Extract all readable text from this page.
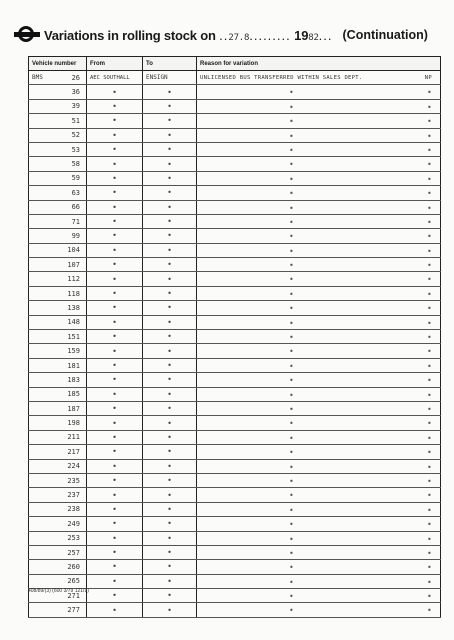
Variations in rolling stock on ..27.8......... 1982... (Continuation)
Vehicle number	From	To	Reason for variation

BMS 26	AEC SOUTHALL	ENSIGN	UNLICENSED BUS TRANSFERRED WITHIN SALES DEPT. NP

36	•	•	• •

39	•	•	• •

51	•	•	• •

52	•	•	• •

53	•	•	• •

58	•	•	• •

59	•	•	• •

63	•	•	• •

66	•	•	• •

71	•	•	• •

99	•	•	• •

104	•	•	• •

107	•	•	• •

112	•	•	• •

118	•	•	• •

138	•	•	• •

148	•	•	• •

151	•	•	• •

159	•	•	• •

181	•	•	• •

183	•	•	• •

185	•	•	• •

187	•	•	• •

198	•	•	• •

211	•	•	• •

217	•	•	• •

224	•	•	• •

235	•	•	• •

237	•	•	• •

238	•	•	• •

249	•	•	• •

253	•	•	• •

257	•	•	• •

260	•	•	• •

265	•	•	• •

271	•	•	• •

277	•	•	• •
408/89/(3) (600 3/79 121/1)
